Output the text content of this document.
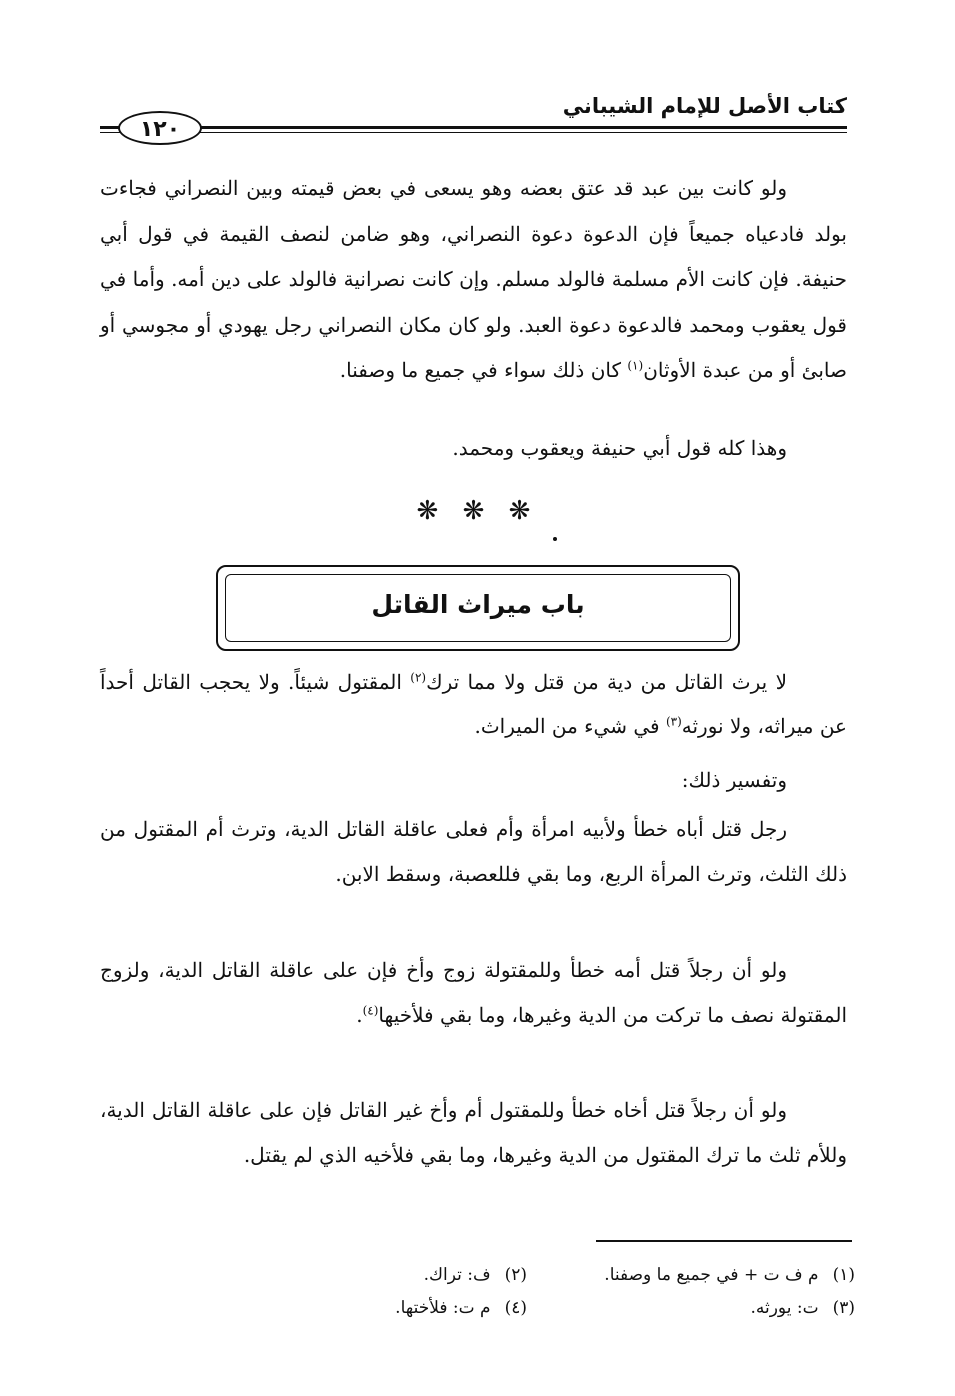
كتاب الأصل للإمام الشيباني
١٢٠

ولو كانت بين عبد قد عتق بعضه وهو يسعى في بعض قيمته وبين النصراني فجاءت بولد فادعياه جميعاً فإن الدعوة دعوة النصراني، وهو ضامن لنصف القيمة في قول أبي حنيفة. فإن كانت الأم مسلمة فالولد مسلم. وإن كانت نصرانية فالولد على دين أمه. وأما في قول يعقوب ومحمد فالدعوة دعوة العبد. ولو كان مكان النصراني رجل يهودي أو مجوسي أو صابئ أو من عبدة الأوثان$^{(١)}$ كان ذلك سواء في جميع ما وصفنا.

وهذا كله قول أبي حنيفة ويعقوب ومحمد.

❋ ❋ ❋
باب ميراث القاتل

لا يرث القاتل من دية من قتل ولا مما ترك$^{(٢)}$ المقتول شيئاً. ولا يحجب القاتل أحداً عن ميراثه، ولا نورثه$^{(٣)}$ في شيء من الميراث.

وتفسير ذلك:

رجل قتل أباه خطأ ولأبيه امرأة وأم فعلى عاقلة القاتل الدية، وترث أم المقتول من ذلك الثلث، وترث المرأة الربع، وما بقي فللعصبة، وسقط الابن.

ولو أن رجلاً قتل أمه خطأ وللمقتولة زوج وأخ فإن على عاقلة القاتل الدية، ولزوج المقتولة نصف ما تركت من الدية وغيرها، وما بقي فلأخيها$^{(٤)}$.

ولو أن رجلاً قتل أخاه خطأ وللمقتول أم وأخ غير القاتل فإن على عاقلة القاتل الدية، وللأم ثلث ما ترك المقتول من الدية وغيرها، وما بقي فلأخيه الذي لم يقتل.

(١)م ف ت + في جميع ما وصفنا.
(٢)ف: تراك.
(٣)ت: يورثه.
(٤)م ت: فلأختها.
